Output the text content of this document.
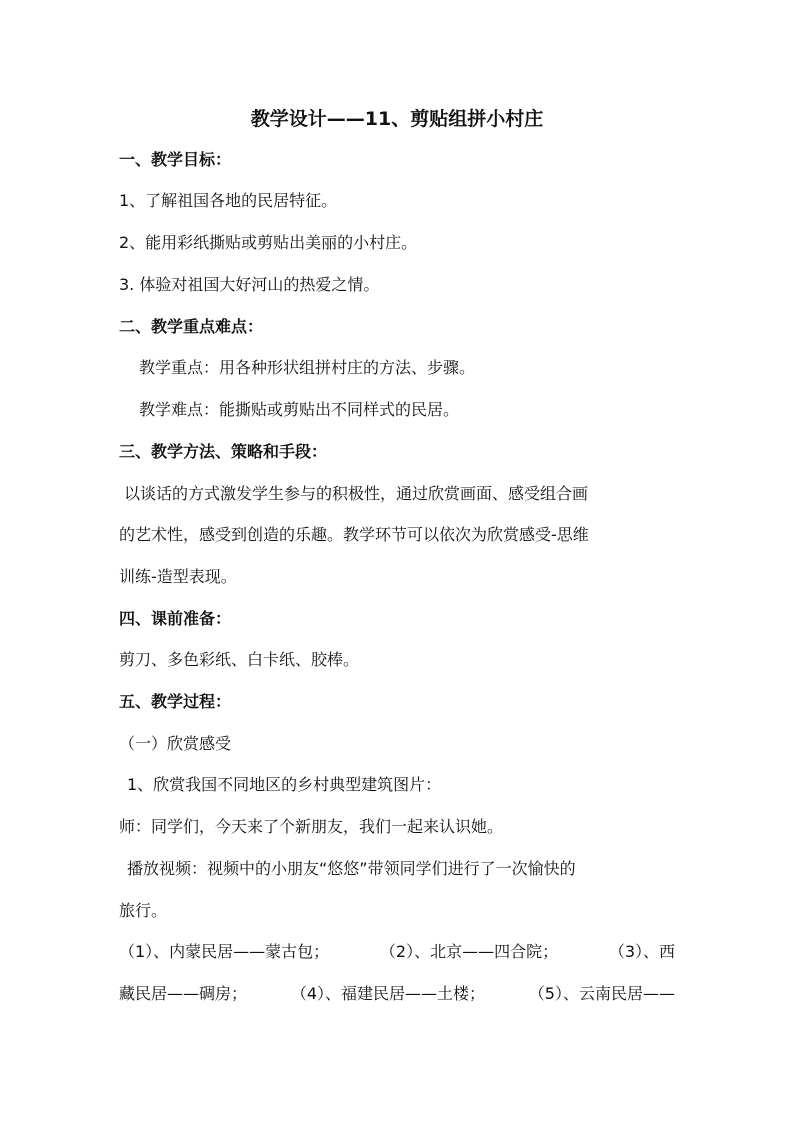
教学设计——11、剪贴组拼小村庄
一、教学目标：
1、了解祖国各地的民居特征。
2、能用彩纸撕贴或剪贴出美丽的小村庄。
3. 体验对祖国大好河山的热爱之情。
二、教学重点难点：
教学重点：用各种形状组拼村庄的方法、步骤。
教学难点：能撕贴或剪贴出不同样式的民居。
三、教学方法、策略和手段：
以谈话的方式激发学生参与的积极性，通过欣赏画面、感受组合画
的艺术性，感受到创造的乐趣。教学环节可以依次为欣赏感受-思维
训练-造型表现。
四、课前准备：
剪刀、多色彩纸、白卡纸、胶棒。
五、教学过程：
（一）欣赏感受
1、欣赏我国不同地区的乡村典型建筑图片：
师：同学们，今天来了个新朋友，我们一起来认识她。
播放视频：视频中的小朋友“悠悠”带领同学们进行了一次愉快的
旅行。
（1）、内蒙民居——蒙古包；	（2）、北京——四合院；	（3）、西
藏民居——碉房；	（4）、福建民居——土楼；	（5）、云南民居——
